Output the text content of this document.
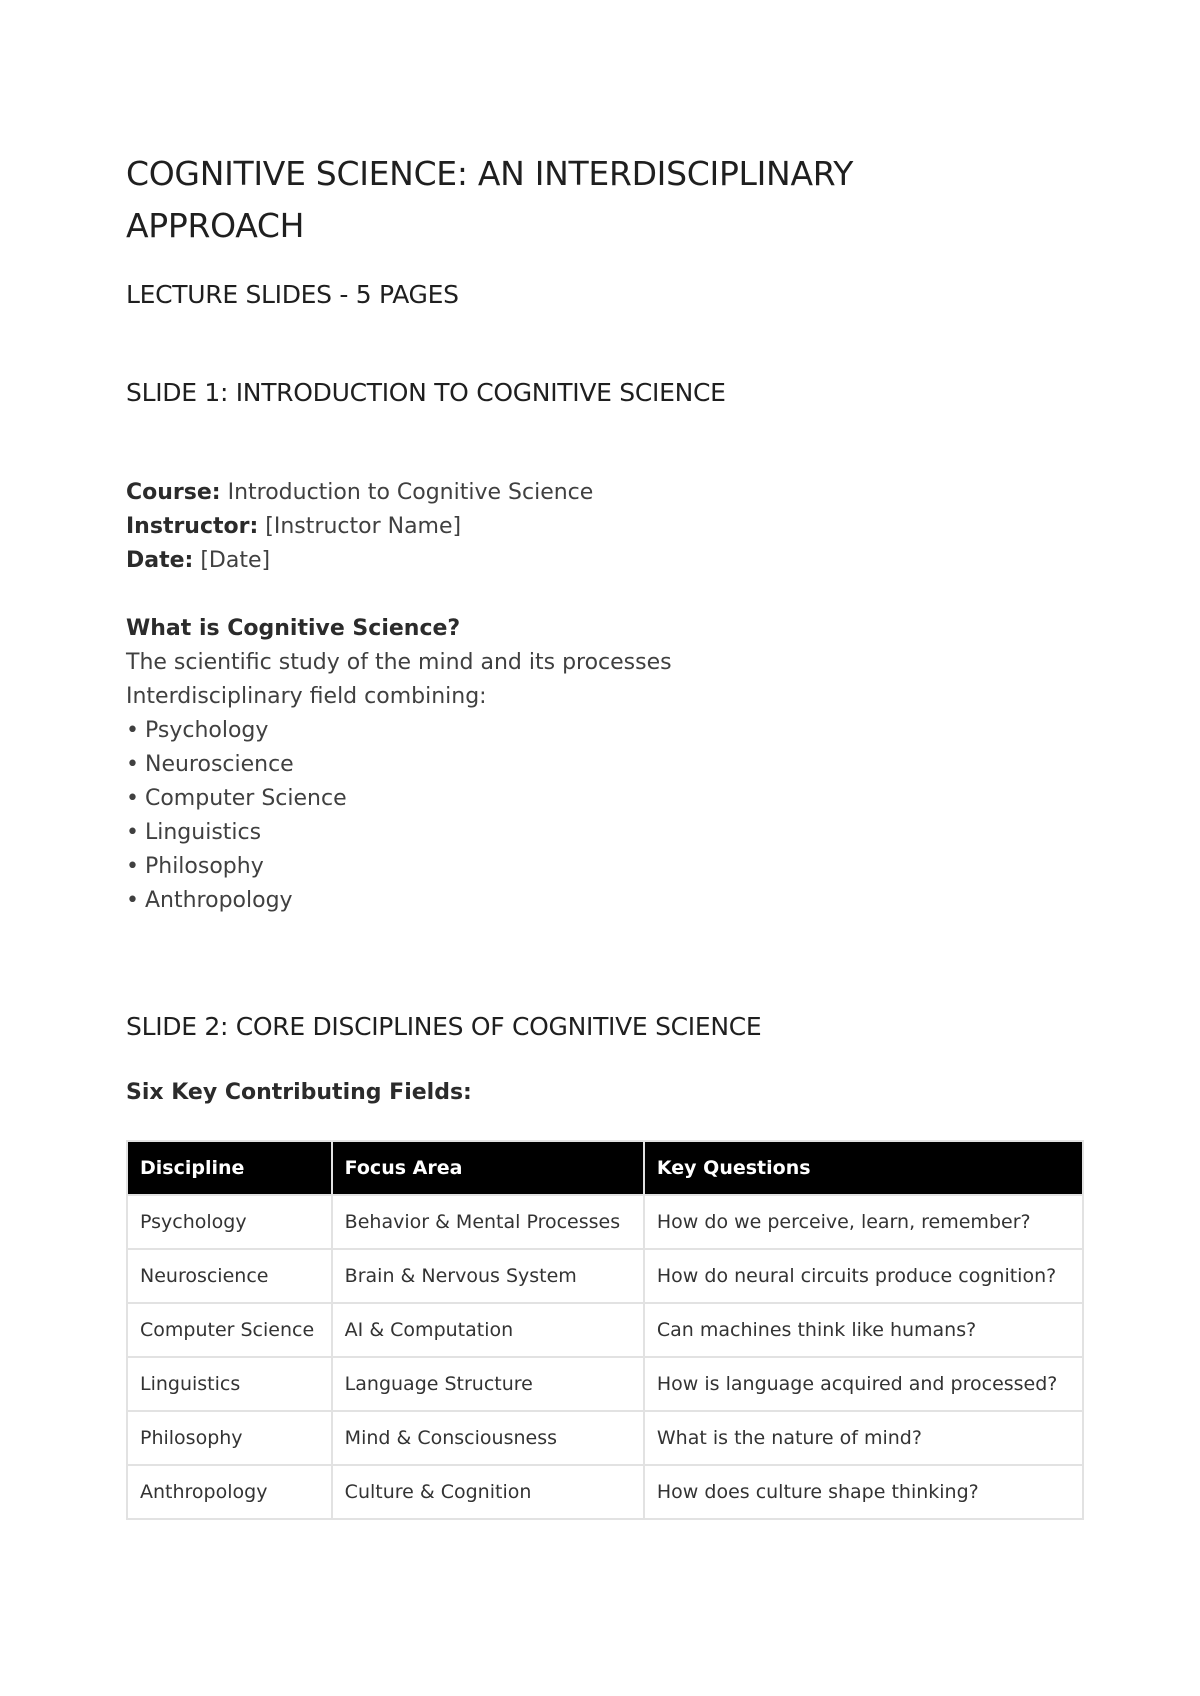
COGNITIVE SCIENCE: AN INTERDISCIPLINARY APPROACH
LECTURE SLIDES - 5 PAGES
SLIDE 1: INTRODUCTION TO COGNITIVE SCIENCE

Course: Introduction to Cognitive Science

Instructor: [Instructor Name]

Date: [Date]

What is Cognitive Science?

The scientific study of the mind and its processes

Interdisciplinary field combining:

• Psychology
• Neuroscience
• Computer Science
• Linguistics
• Philosophy
• Anthropology
SLIDE 2: CORE DISCIPLINES OF COGNITIVE SCIENCE

Six Key Contributing Fields:

Discipline	Focus Area	Key Questions
Psychology	Behavior & Mental Processes	How do we perceive, learn, remember?
Neuroscience	Brain & Nervous System	How do neural circuits produce cognition?
Computer Science	AI & Computation	Can machines think like humans?
Linguistics	Language Structure	How is language acquired and processed?
Philosophy	Mind & Consciousness	What is the nature of mind?
Anthropology	Culture & Cognition	How does culture shape thinking?
